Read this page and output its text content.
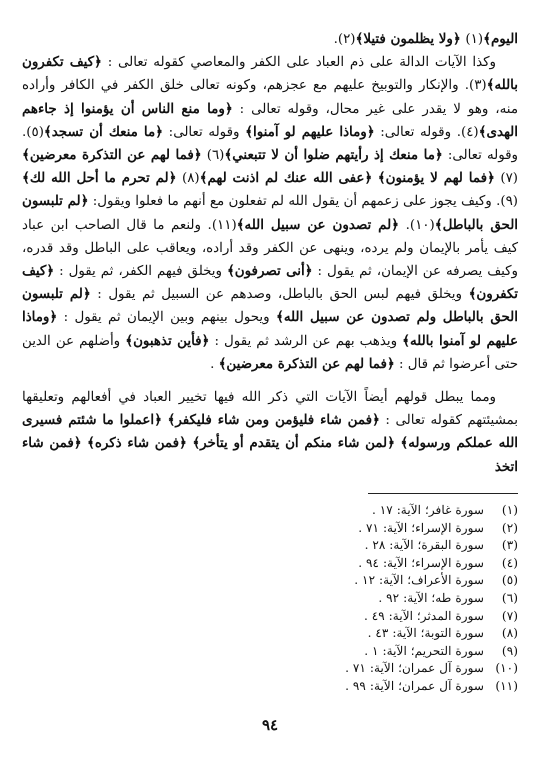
اليوم﴾(١) ﴿ولا يظلمون فتيلا﴾(٢).

وكذا الآيات الدالة على ذم العباد على الكفر والمعاصي كقوله تعالى : ﴿كيف تكفرون بالله﴾(٣). والإنكار والتوبيخ عليهم مع عجزهم، وكونه تعالى خلق الكفر في الكافر وأراده منه، وهو لا يقدر على غير محال، وقوله تعالى : ﴿وما منع الناس أن يؤمنوا إذ جاءهم الهدى﴾(٤). وقوله تعالى: ﴿وماذا عليهم لو آمنوا﴾ وقوله تعالى: ﴿ما منعك أن تسجد﴾(٥). وقوله تعالى: ﴿ما منعك إذ رأيتهم ضلوا أن لا تتبعني﴾(٦) ﴿فما لهم عن التذكرة معرضين﴾(٧) ﴿فما لهم لا يؤمنون﴾ ﴿عفى الله عنك لم اذنت لهم﴾(٨) ﴿لم تحرم ما أحل الله لك﴾(٩). وكيف يجوز على زعمهم أن يقول الله لم تفعلون مع أنهم ما فعلوا ويقول: ﴿لم تلبسون الحق بالباطل﴾(١٠). ﴿لم تصدون عن سبيل الله﴾(١١). ولنعم ما قال الصاحب ابن عباد كيف يأمر بالإيمان ولم يرده، وينهى عن الكفر وقد أراده، ويعاقب على الباطل وقد قدره، وكيف يصرفه عن الإيمان، ثم يقول : ﴿أنى تصرفون﴾ ويخلق فيهم الكفر، ثم يقول : ﴿كيف تكفرون﴾ ويخلق فيهم لبس الحق بالباطل، وصدهم عن السبيل ثم يقول : ﴿لم تلبسون الحق بالباطل ولم تصدون عن سبيل الله﴾ ويحول بينهم وبين الإيمان ثم يقول : ﴿وماذا عليهم لو آمنوا بالله﴾ ويذهب بهم عن الرشد ثم يقول : ﴿فأين تذهبون﴾ وأضلهم عن الدين حتى أعرضوا ثم قال : ﴿فما لهم عن التذكرة معرضين﴾ .

ومما يبطل قولهم أيضاً الآيات التي ذكر الله فيها تخيير العباد في أفعالهم وتعليقها بمشيئتهم كقوله تعالى : ﴿فمن شاء فليؤمن ومن شاء فليكفر﴾ ﴿اعملوا ما شئتم فسيرى الله عملكم ورسوله﴾ ﴿لمن شاء منكم أن يتقدم أو يتأخر﴾ ﴿فمن شاء ذكره﴾ ﴿فمن شاء اتخذ

(١) سورة غافر؛ الآية: ١٧ .
(٢) سورة الإسراء؛ الآية: ٧١ .
(٣) سورة البقرة؛ الآية: ٢٨ .
(٤) سورة الإسراء؛ الآية: ٩٤ .
(٥) سورة الأعراف؛ الآية: ١٢ .
(٦) سورة طه؛ الآية: ٩٢ .
(٧) سورة المدثر؛ الآية: ٤٩ .
(٨) سورة التوبة؛ الآية: ٤٣ .
(٩) سورة التحريم؛ الآية: ١ .
(١٠) سورة آل عمران؛ الآية: ٧١ .
(١١) سورة آل عمران؛ الآية: ٩٩ .
٩٤
